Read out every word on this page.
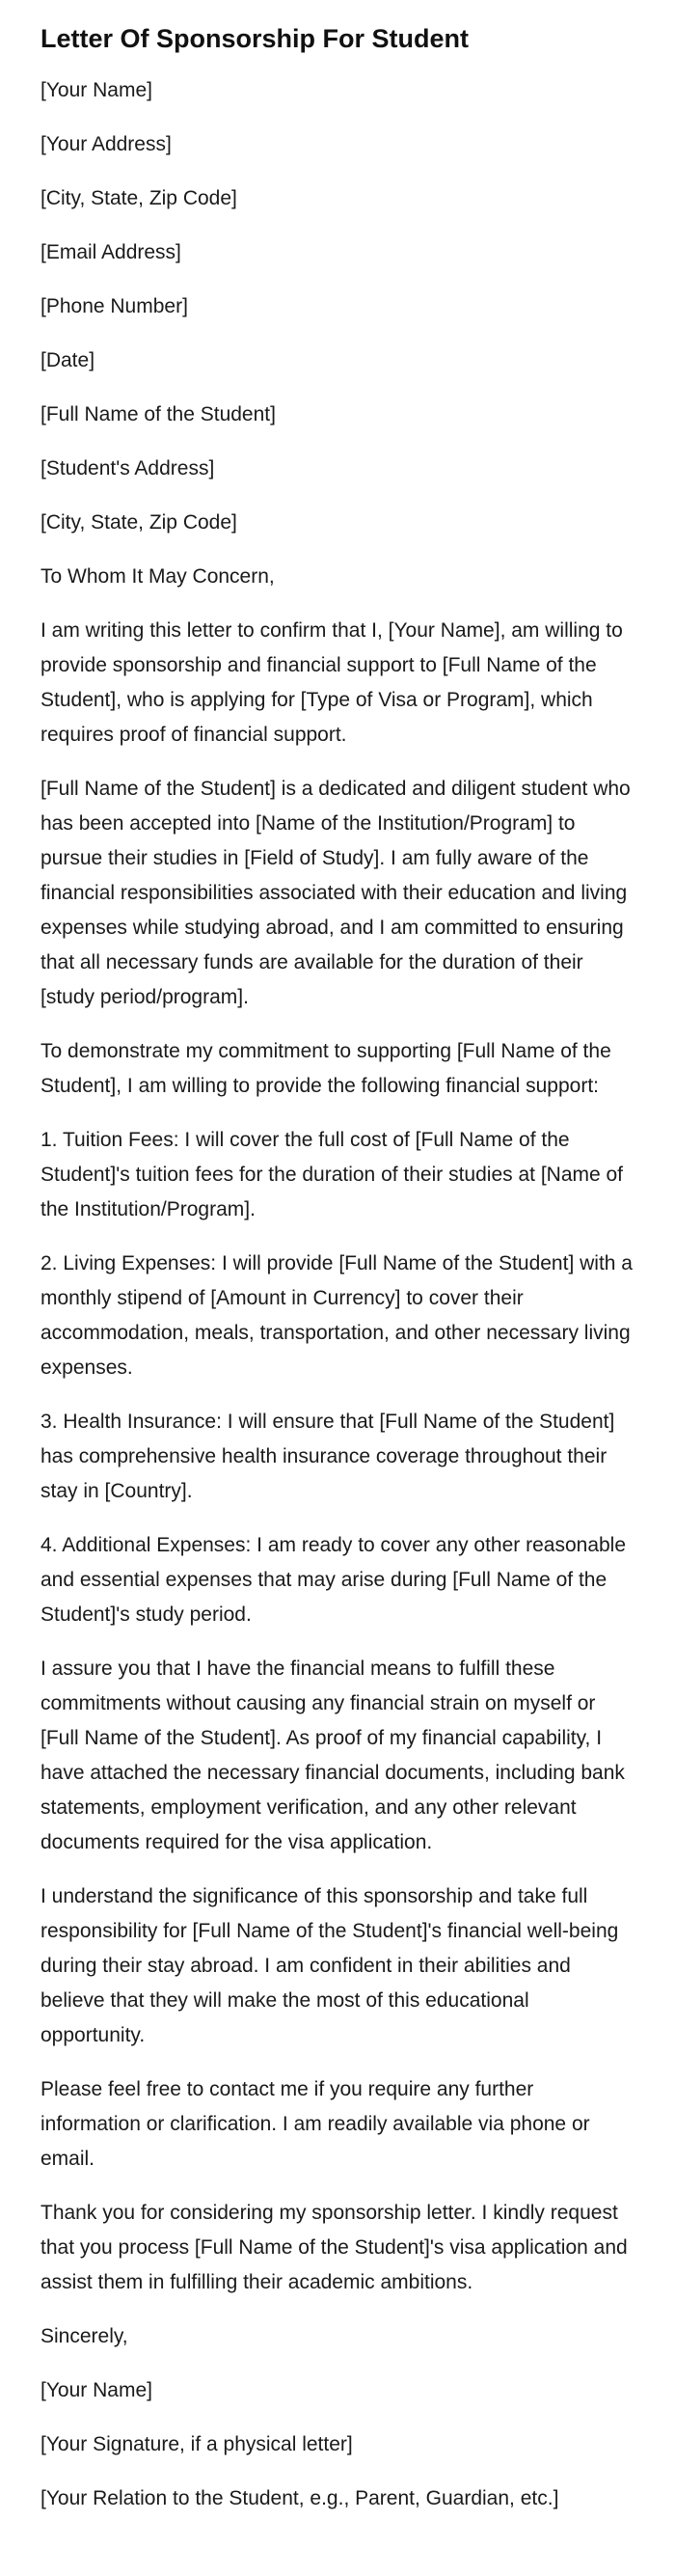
Letter Of Sponsorship For Student
[Your Name]
[Your Address]
[City, State, Zip Code]
[Email Address]
[Phone Number]
[Date]
[Full Name of the Student]
[Student's Address]
[City, State, Zip Code]
To Whom It May Concern,

I am writing this letter to confirm that I, [Your Name], am willing to provide sponsorship and financial support to [Full Name of the Student], who is applying for [Type of Visa or Program], which requires proof of financial support.

[Full Name of the Student] is a dedicated and diligent student who has been accepted into [Name of the Institution/Program] to pursue their studies in [Field of Study]. I am fully aware of the financial responsibilities associated with their education and living expenses while studying abroad, and I am committed to ensuring that all necessary funds are available for the duration of their [study period/program].

To demonstrate my commitment to supporting [Full Name of the Student], I am willing to provide the following financial support:

1. Tuition Fees: I will cover the full cost of [Full Name of the Student]'s tuition fees for the duration of their studies at [Name of the Institution/Program].

2. Living Expenses: I will provide [Full Name of the Student] with a monthly stipend of [Amount in Currency] to cover their accommodation, meals, transportation, and other necessary living expenses.

3. Health Insurance: I will ensure that [Full Name of the Student] has comprehensive health insurance coverage throughout their stay in [Country].

4. Additional Expenses: I am ready to cover any other reasonable and essential expenses that may arise during [Full Name of the Student]'s study period.

I assure you that I have the financial means to fulfill these commitments without causing any financial strain on myself or [Full Name of the Student]. As proof of my financial capability, I have attached the necessary financial documents, including bank statements, employment verification, and any other relevant documents required for the visa application.

I understand the significance of this sponsorship and take full responsibility for [Full Name of the Student]'s financial well-being during their stay abroad. I am confident in their abilities and believe that they will make the most of this educational opportunity.

Please feel free to contact me if you require any further information or clarification. I am readily available via phone or email.

Thank you for considering my sponsorship letter. I kindly request that you process [Full Name of the Student]'s visa application and assist them in fulfilling their academic ambitions.

Sincerely,
[Your Name]
[Your Signature, if a physical letter]
[Your Relation to the Student, e.g., Parent, Guardian, etc.]
